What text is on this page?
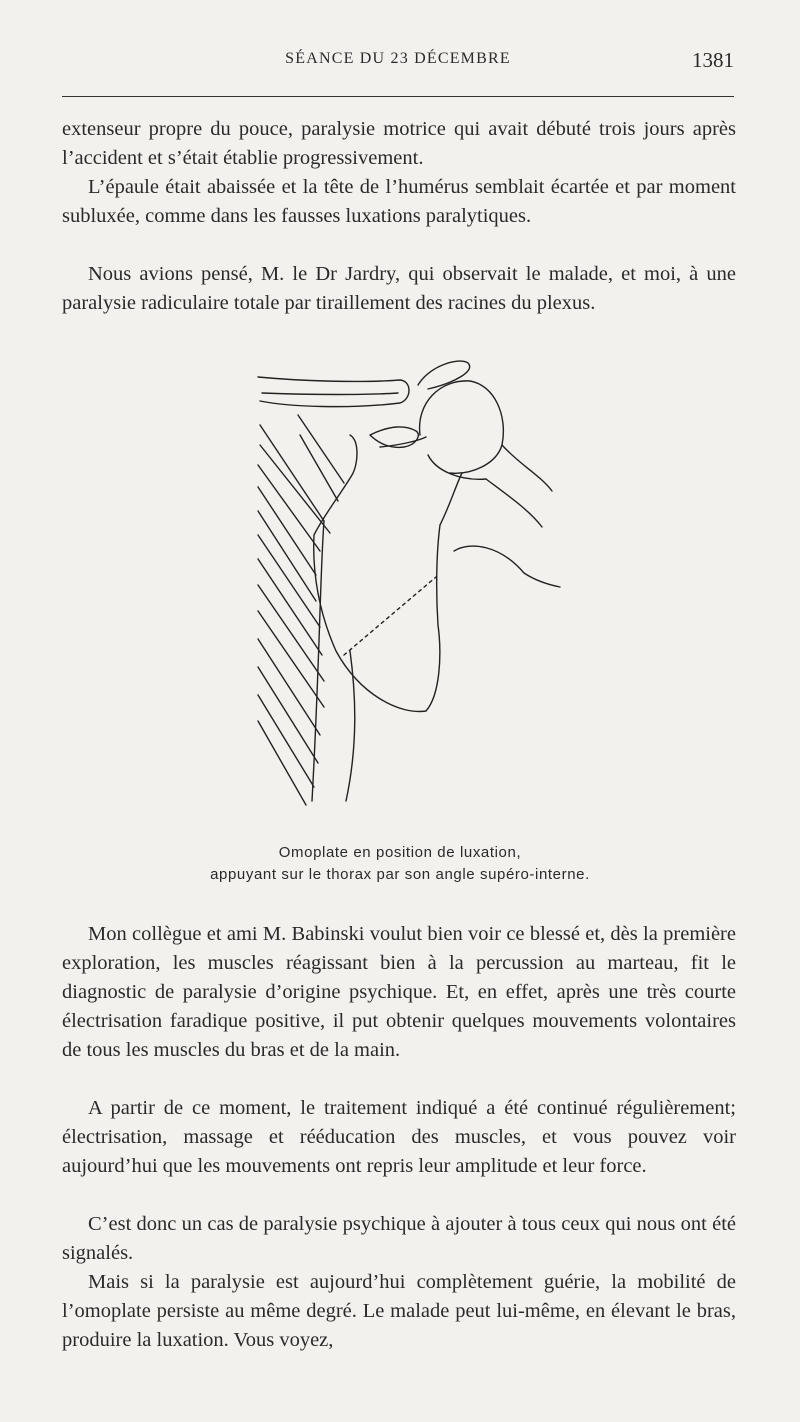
SÉANCE DU 23 DÉCEMBRE	1381

extenseur propre du pouce, paralysie motrice qui avait débuté trois jours après l’accident et s’était établie progressivement.

L’épaule était abaissée et la tête de l’humérus semblait écartée et par moment subluxée, comme dans les fausses luxations paralytiques.

Nous avions pensé, M. le Dr Jardry, qui observait le malade, et moi, à une paralysie radiculaire totale par tiraillement des racines du plexus.

Omoplate en position de luxation,
appuyant sur le thorax par son angle supéro-interne.

Mon collègue et ami M. Babinski voulut bien voir ce blessé et, dès la première exploration, les muscles réagissant bien à la percussion au marteau, fit le diagnostic de paralysie d’origine psychique. Et, en effet, après une très courte électrisation faradique positive, il put obtenir quelques mouvements volontaires de tous les muscles du bras et de la main.

A partir de ce moment, le traitement indiqué a été continué régulièrement; électrisation, massage et rééducation des muscles, et vous pouvez voir aujourd’hui que les mouvements ont repris leur amplitude et leur force.

C’est donc un cas de paralysie psychique à ajouter à tous ceux qui nous ont été signalés.

Mais si la paralysie est aujourd’hui complètement guérie, la mobilité de l’omoplate persiste au même degré. Le malade peut lui-même, en élevant le bras, produire la luxation. Vous voyez,
